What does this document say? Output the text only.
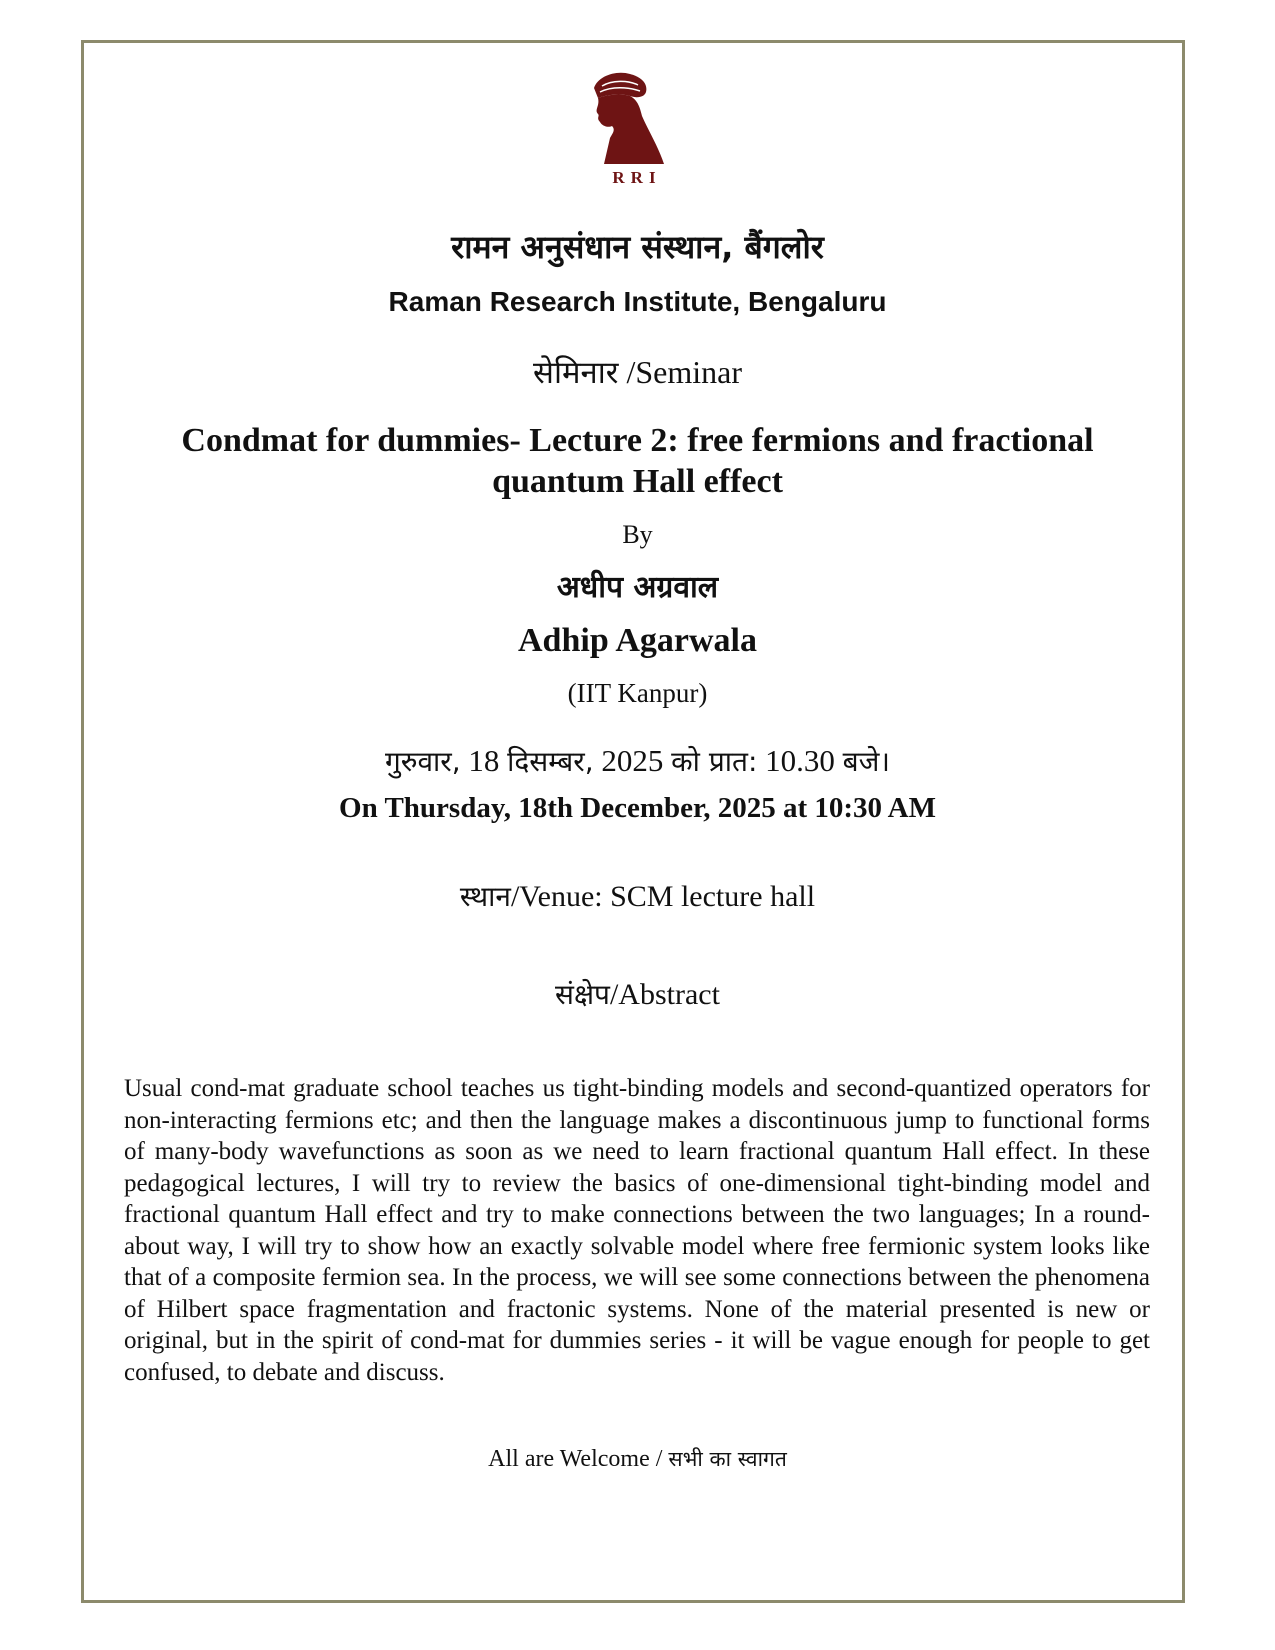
RRI
रामन अनुसंधान संस्थान, बैंगलोर
Raman Research Institute, Bengaluru
सेमिनार /Seminar
Condmat for dummies- Lecture 2: free fermions and fractional quantum Hall effect
By
अधीप अग्रवाल
Adhip Agarwala
(IIT Kanpur)
गुरुवार, 18 दिसम्बर, 2025 को प्रात: 10.30 बजे।
On Thursday, 18th December, 2025 at 10:30 AM
स्थान/Venue: SCM lecture hall
संक्षेप/Abstract
Usual cond-mat graduate school teaches us tight-binding models and second-quantized operators for non-interacting fermions etc; and then the language makes a discontinuous jump to functional forms of many-body wavefunctions as soon as we need to learn fractional quantum Hall effect. In these pedagogical lectures, I will try to review the basics of one-dimensional tight-binding model and fractional quantum Hall effect and try to make connections between the two languages; In a round-about way, I will try to show how an exactly solvable model where free fermionic system looks like that of a composite fermion sea. In the process, we will see some connections between the phenomena of Hilbert space fragmentation and fractonic systems. None of the material presented is new or original, but in the spirit of cond-mat for dummies series - it will be vague enough for people to get confused, to debate and discuss.
All are Welcome / सभी का स्वागत
